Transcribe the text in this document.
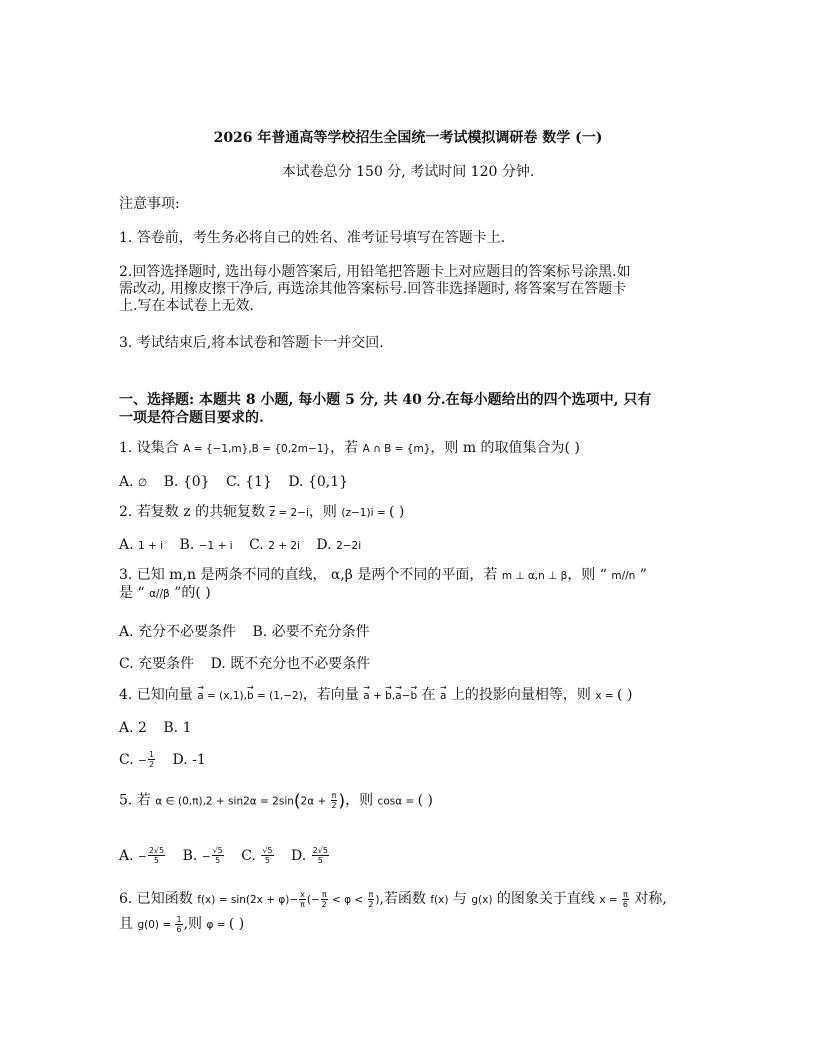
2026 年普通高等学校招生全国统一考试模拟调研卷 数学 (一)
本试卷总分 150 分, 考试时间 120 分钟.
注意事项:
1. 答卷前，考生务必将自己的姓名、准考证号填写在答题卡上.
2.回答选择题时, 选出每小题答案后, 用铅笔把答题卡上对应题目的答案标号涂黑.如
需改动, 用橡皮擦干净后, 再选涂其他答案标号.回答非选择题时, 将答案写在答题卡
上.写在本试卷上无效.
3. 考试结束后,将本试卷和答题卡一并交回.
一、选择题: 本题共 8 小题, 每小题 5 分, 共 40 分.在每小题给出的四个选项中, 只有
一项是符合题目要求的.
1. 设集合 A = {−1,m},B = {0,2m−1}，若 A ∩ B = {m}，则 m 的取值集合为( )
A. ∅ B. {0} C. {1} D. {0,1}
2. 若复数 z 的共轭复数 $\overline{z} = 2-i$，则 (z−1)i = ( )
A. 1 + i B. −1 + i C. 2 + 2i D. 2−2i
3. 已知 m,n 是两条不同的直线， α,β 是两个不同的平面，若 m ⊥ α,n ⊥ β，则 “ m//n ”
是 “ α//β ”的( )
A. 充分不必要条件 B. 必要不充分条件
C. 充要条件 D. 既不充分也不必要条件
4. 已知向量 → a = (x,1),→ b = (1,−2)，若向量 → a + → b,→ a−→ b 在 → a 上的投影向量相等，则 x = ( )
A. 2 B. 1
C. − $\frac{1}{2} D$. -1
5. 若 α ∈ $(0,\pi),2 + \sin 2\alpha = 2\sin(2\alpha + \frac{\pi}{2}$ )，则 cosα = ( )
A. − $\frac{2√5}{5} B$. − $\frac{√5}{5} C$. $\frac{√5}{5} D$. $\frac{2√5}{5}$
6. 已知函数 $f(x) = \sin(2x + \varphi)- \frac{x}{\pi}$ (− $\frac{\pi}{2} < \varphi < \frac{\pi}{2}$ ),若函数 f(x) 与 g(x) 的图象关于直线 $x = \frac{\pi}{6}$ 对称,
且 $g(0) = \frac{1}{6}$ ,则 φ = ( )
